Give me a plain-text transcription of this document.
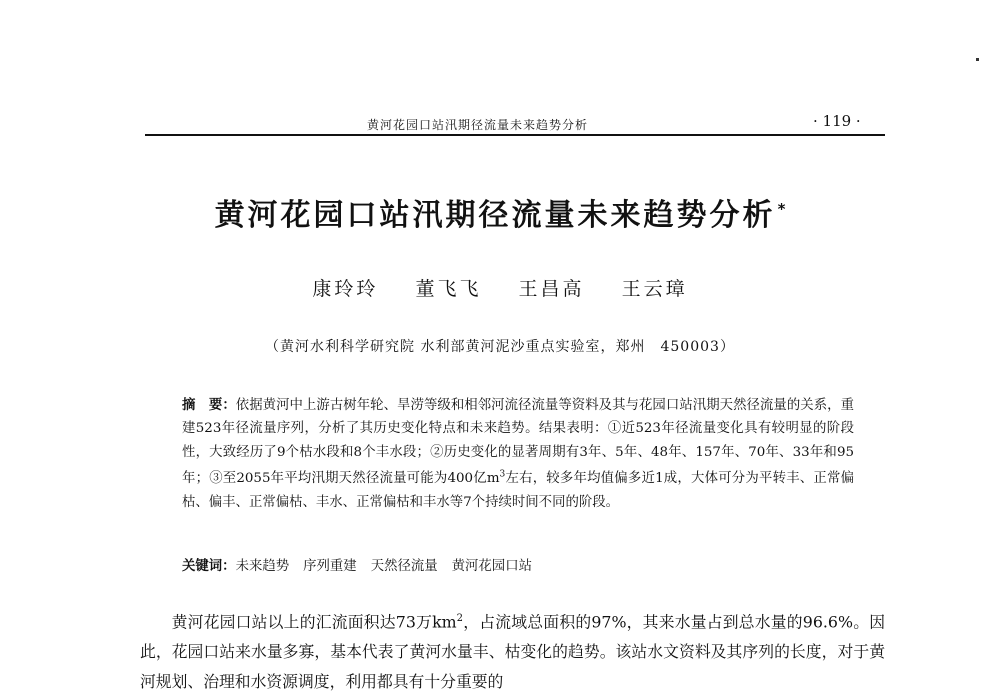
黄河花园口站汛期径流量未来趋势分析	· 119 ·
黄河花园口站汛期径流量未来趋势分析 *
康玲玲 董飞飞 王昌高 王云璋
（黄河水利科学研究院 水利部黄河泥沙重点实验室，郑州　450003）
摘　要：依据黄河中上游古树年轮、旱涝等级和相邻河流径流量等资料及其与花园口站汛期天然径流量的关系，重建523年径流量序列，分析了其历史变化特点和未来趋势。结果表明：①近523年径流量变化具有较明显的阶段性，大致经历了9个枯水段和8个丰水段；②历史变化的显著周期有3年、5年、48年、157年、70年、33年和95年；③至2055年平均汛期天然径流量可能为400亿$m^3$左右，较多年均值偏多近1成，大体可分为平转丰、正常偏枯、偏丰、正常偏枯、丰水、正常偏枯和丰水等7个持续时间不同的阶段。
关键词：未来趋势 序列重建 天然径流量 黄河花园口站
黄河花园口站以上的汇流面积达73万$km^2$，占流域总面积的97%，其来水量占到总水量的96.6%。因此，花园口站来水量多寡，基本代表了黄河水量丰、枯变化的趋势。该站水文资料及其序列的长度，对于黄河规划、治理和水资源调度，利用都具有十分重要的
